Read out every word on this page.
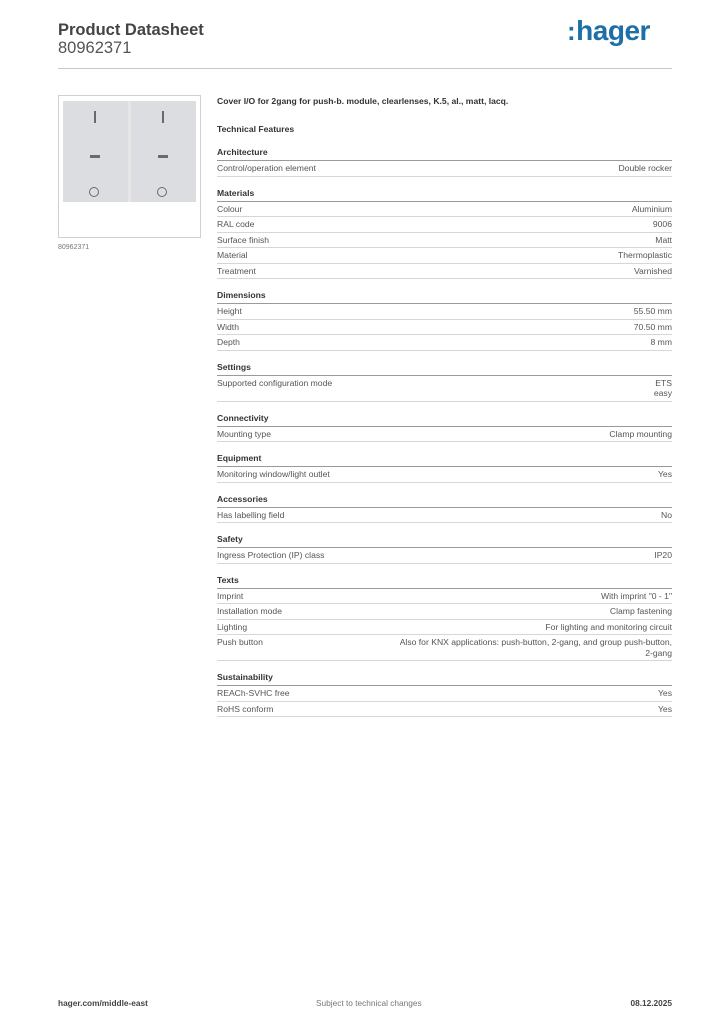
Product Datasheet
80962371
:hager
80962371
Cover I/O for 2gang for push-b. module, clearlenses, K.5, al., matt, lacq.
Technical Features
Architecture
Control/operation element	Double rocker
Materials
Colour	Aluminium
RAL code	9006
Surface finish	Matt
Material	Thermoplastic
Treatment	Varnished
Dimensions
Height	55.50 mm
Width	70.50 mm
Depth	8 mm
Settings
Supported configuration mode	ETS
easy
Connectivity
Mounting type	Clamp mounting
Equipment
Monitoring window/light outlet	Yes
Accessories
Has labelling field	No
Safety
Ingress Protection (IP) class	IP20
Texts
Imprint	With imprint "0 - 1"
Installation mode	Clamp fastening
Lighting	For lighting and monitoring circuit
Push button	Also for KNX applications: push-button, 2-gang, and group push-button,
2-gang
Sustainability
REACh-SVHC free	Yes
RoHS conform	Yes
hager.com/middle-east	Subject to technical changes	08.12.2025
